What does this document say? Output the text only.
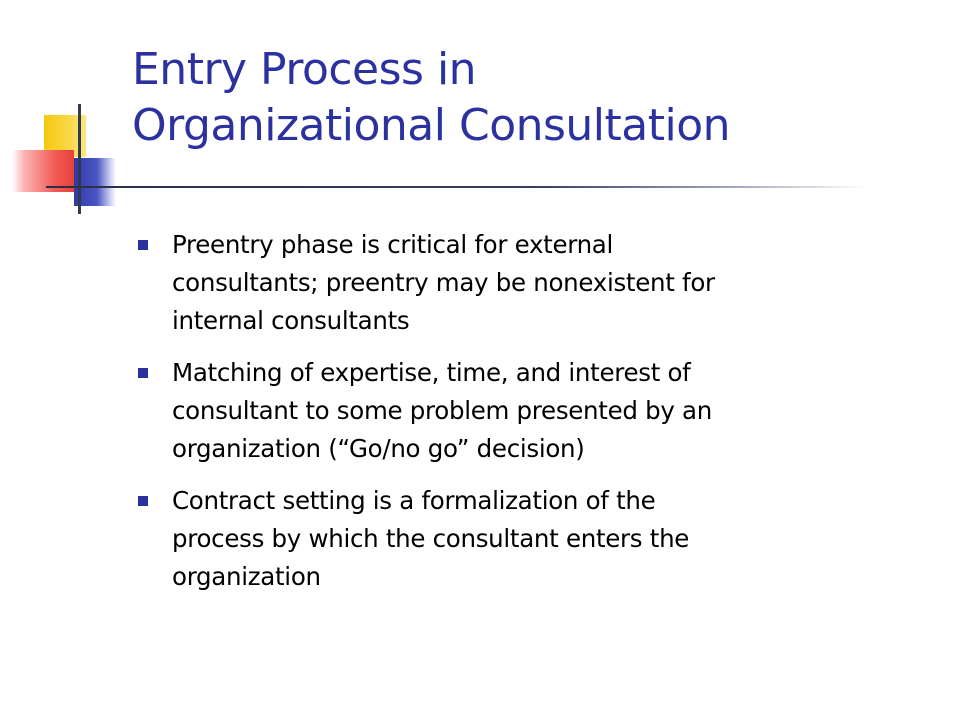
Entry Process in
Organizational Consultation
Preentry phase is critical for external
consultants; preentry may be nonexistent for
internal consultants
Matching of expertise, time, and interest of
consultant to some problem presented by an
organization (“Go/no go” decision)
Contract setting is a formalization of the
process by which the consultant enters the
organization
